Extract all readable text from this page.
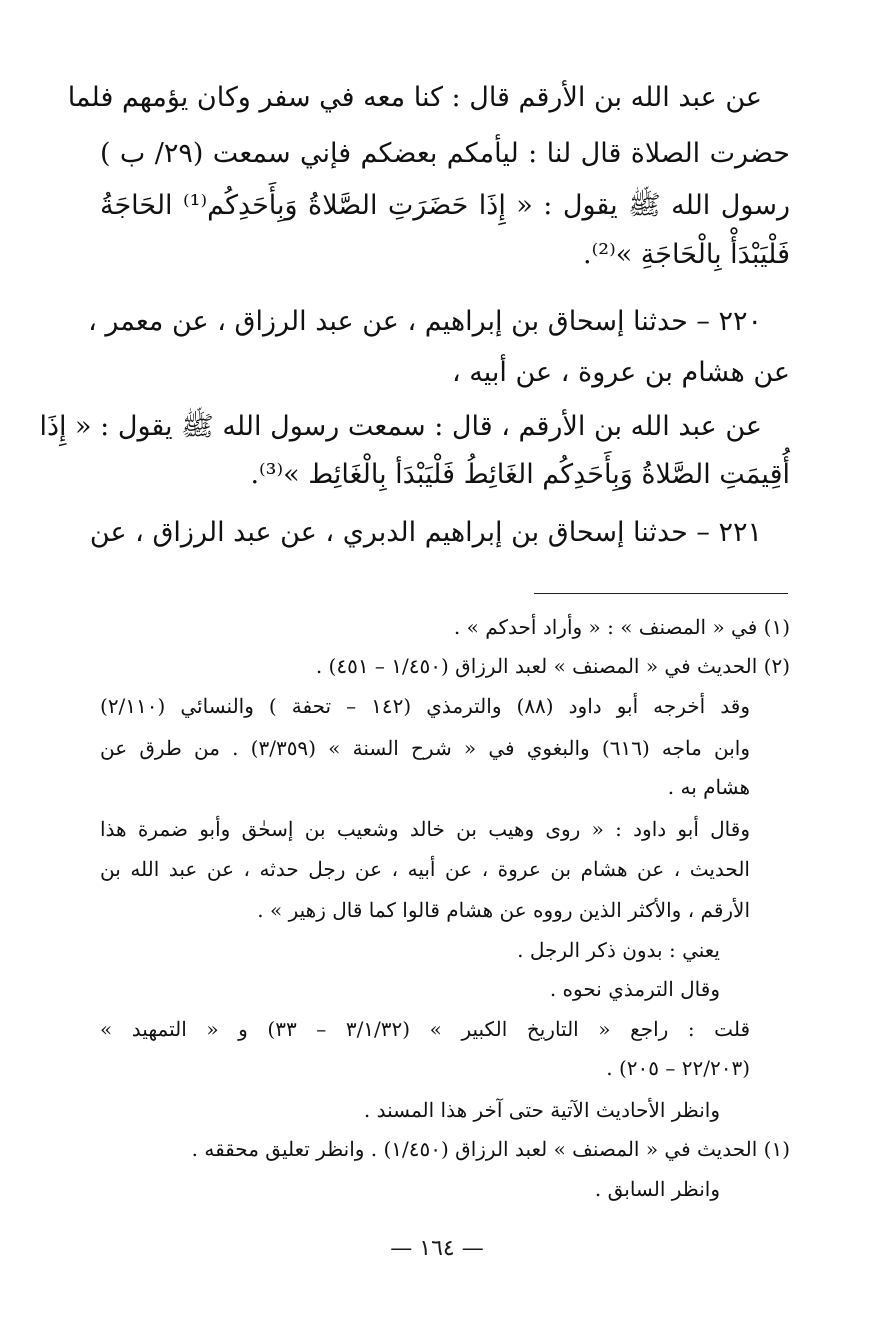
عن عبد الله بن الأرقم قال : كنا معه في سفر وكان يؤمهم فلما
حضرت الصلاة قال لنا : ليأمكم بعضكم فإني سمعت (٢٩/ ب )
رسول الله ﷺ يقول : « إِذَا حَضَرَتِ الصَّلاةُ وَبِأَحَدِكُم⁽¹⁾ الحَاجَةُ
فَلْيَبْدَأْ بِالْحَاجَةِ »⁽²⁾.
٢٢٠ – حدثنا إسحاق بن إبراهيم ، عن عبد الرزاق ، عن معمر ،
عن هشام بن عروة ، عن أبيه ،
عن عبد الله بن الأرقم ، قال : سمعت رسول الله ﷺ يقول : « إِذَا
أُقِيمَتِ الصَّلاةُ وَبِأَحَدِكُم الغَائِطُ فَلْيَبْدَأ بِالْغَائِط »⁽³⁾.
٢٢١ – حدثنا إسحاق بن إبراهيم الدبري ، عن عبد الرزاق ، عن
(١) في « المصنف » : « وأراد أحدكم » .
(٢) الحديث في « المصنف » لعبد الرزاق (١/٤٥٠ – ٤٥١) .
وقد أخرجه أبو داود (٨٨) والترمذي (١٤٢ – تحفة ) والنسائي (٢/١١٠)
وابن ماجه (٦١٦) والبغوي في « شرح السنة » (٣/٣٥٩) . من طرق عن
هشام به .
وقال أبو داود : « روى وهيب بن خالد وشعيب بن إسحٰق وأبو ضمرة هذا
الحديث ، عن هشام بن عروة ، عن أبيه ، عن رجل حدثه ، عن عبد الله بن
الأرقم ، والأكثر الذين رووه عن هشام قالوا كما قال زهير » .
يعني : بدون ذكر الرجل .
وقال الترمذي نحوه .
قلت : راجع « التاريخ الكبير » (٣/١/٣٢ – ٣٣) و « التمهيد »
(٢٢/٢٠٣ – ٢٠٥) .
وانظر الأحاديث الآتية حتى آخر هذا المسند .
(١) الحديث في « المصنف » لعبد الرزاق (١/٤٥٠) . وانظر تعليق محققه .
وانظر السابق .
— ١٦٤ —
